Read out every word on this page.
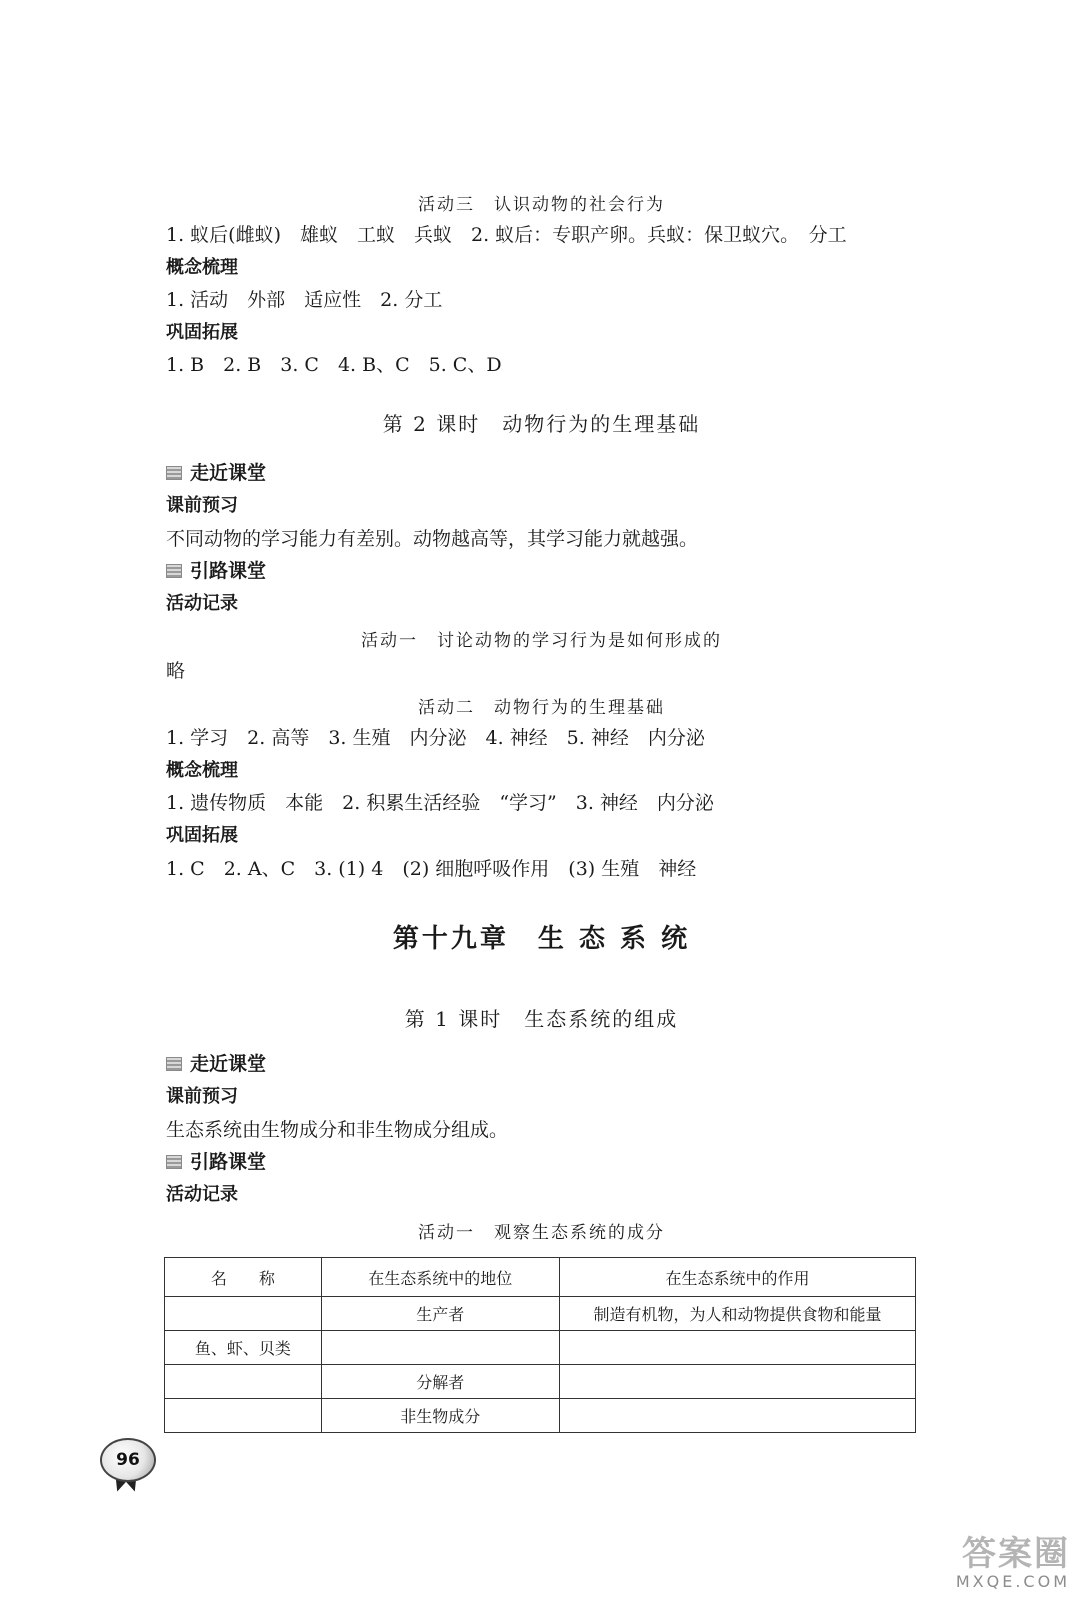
活动三　认识动物的社会行为
1. 蚁后(雌蚁)　雄蚁　工蚁　兵蚁　2. 蚁后：专职产卵。兵蚁：保卫蚁穴。　分工
概念梳理
1. 活动　外部　适应性　2. 分工
巩固拓展
1. B　2. B　3. C　4. B、C　5. C、D
第 2 课时　动物行为的生理基础
走近课堂
课前预习
不同动物的学习能力有差别。动物越高等，其学习能力就越强。
引路课堂
活动记录
活动一　讨论动物的学习行为是如何形成的
略
活动二　动物行为的生理基础
1. 学习　2. 高等　3. 生殖　内分泌　4. 神经　5. 神经　内分泌
概念梳理
1. 遗传物质　本能　2. 积累生活经验　“学习”　3. 神经　内分泌
巩固拓展
1. C　2. A、C　3. (1) 4　(2) 细胞呼吸作用　(3) 生殖　神经
第十九章　生 态 系 统
第 1 课时　生态系统的组成
走近课堂
课前预习
生态系统由生物成分和非生物成分组成。
引路课堂
活动记录
活动一　观察生态系统的成分
名　　称	在生态系统中的地位	在生态系统中的作用
	生产者	制造有机物，为人和动物提供食物和能量
鱼、虾、贝类		
	分解者	
	非生物成分	
96
答案圈
MXQE.COM
